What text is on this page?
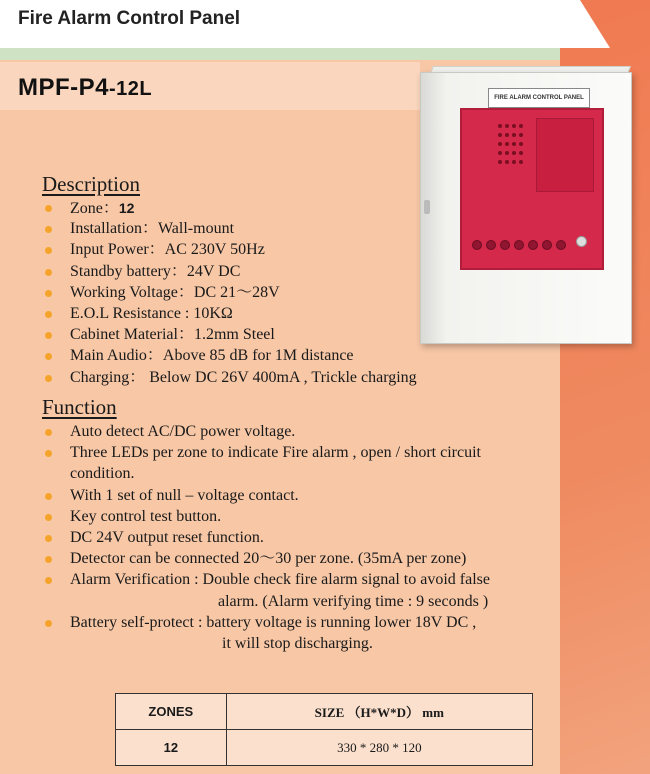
Fire Alarm Control Panel
MPF-P4-12L	FIRE ALARM CONTROL PANEL
Description
Zone：12
Installation：Wall-mount
Input Power：AC 230V 50Hz
Standby battery：24V DC
Working Voltage：DC 21～28V
E.O.L Resistance : 10KΩ
Cabinet Material：1.2mm Steel
Main Audio：Above 85 dB for 1M distance
Charging： Below DC 26V 400mA , Trickle charging
Function
Auto detect AC/DC power voltage.
Three LEDs per zone to indicate Fire alarm , open / short circuit
condition.
With 1 set of null – voltage contact.
Key control test button.
DC 24V output reset function.
Detector can be connected 20～30 per zone. (35mA per zone)
Alarm Verification : Double check fire alarm signal to avoid false
alarm. (Alarm verifying time : 9 seconds )
Battery self-protect : battery voltage is running lower 18V DC ,
it will stop discharging.
ZONES	SIZE （H*W*D） mm
12	330 * 280 * 120
